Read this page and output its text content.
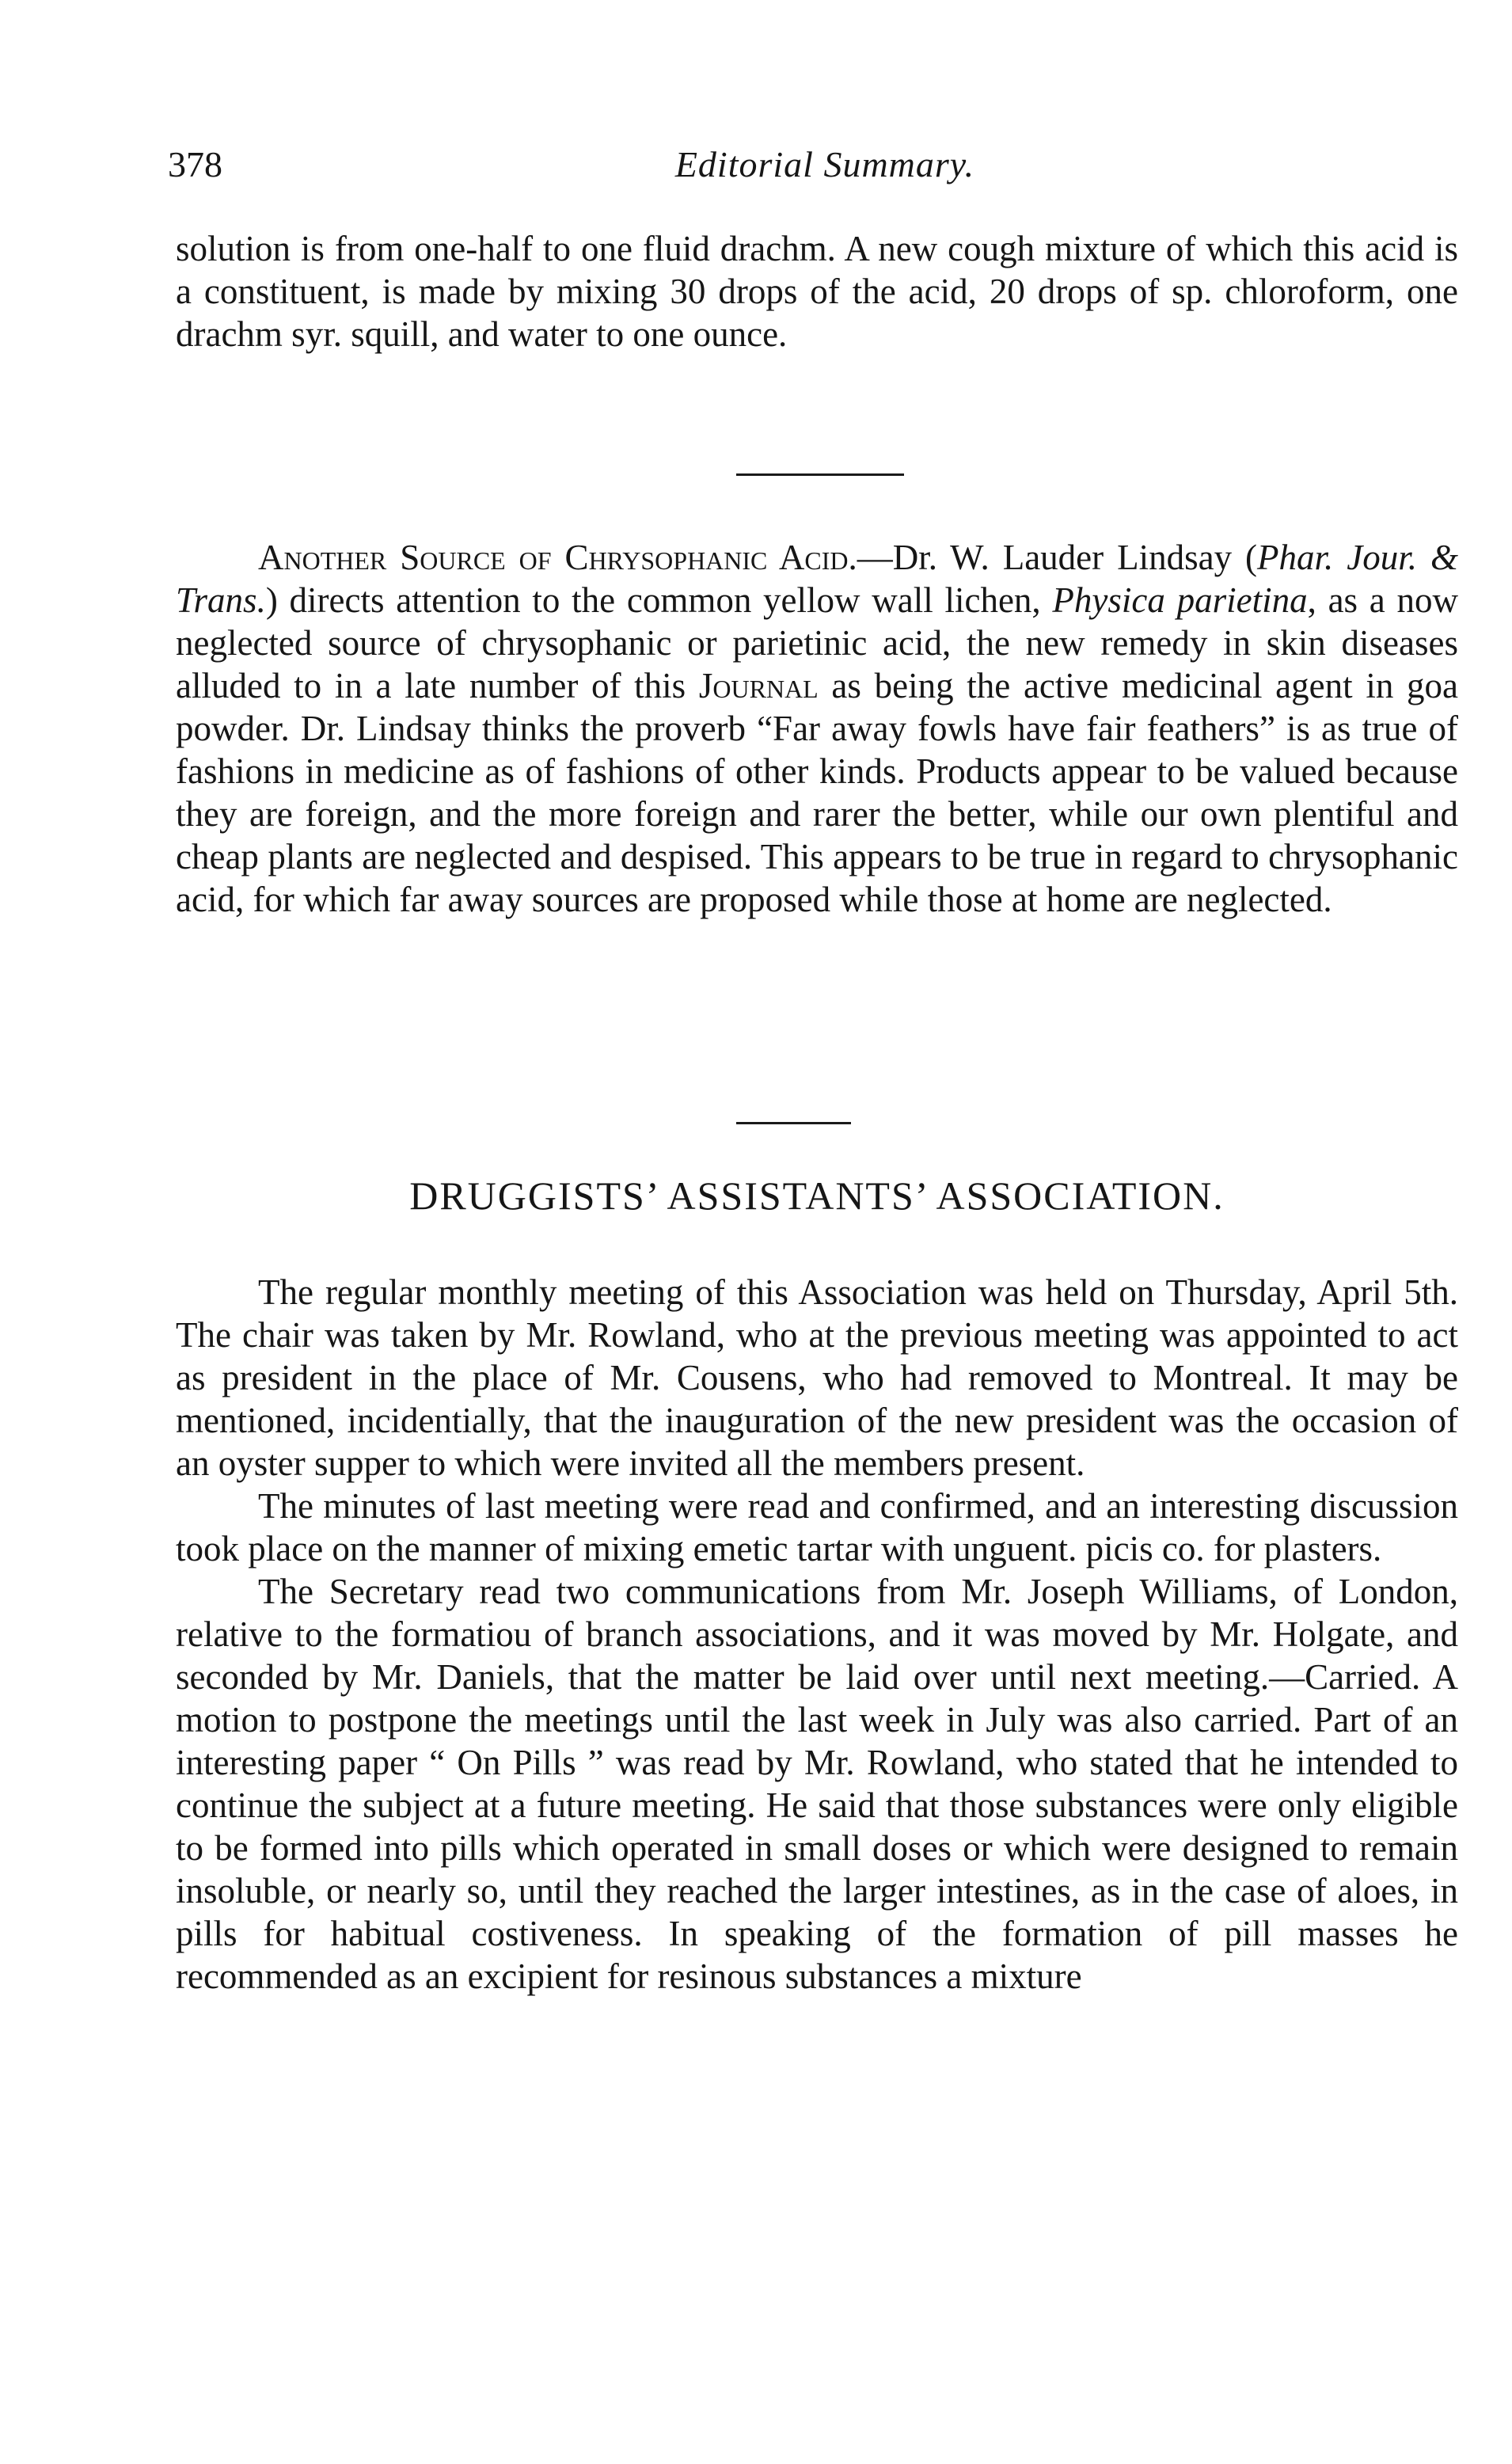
378	Editorial Summary.

solution is from one-half to one fluid drachm. A new cough mixture of which this acid is a constituent, is made by mixing 30 drops of the acid, 20 drops of sp. chloroform, one drachm syr. squill, and water to one ounce.

Another Source of Chrysophanic Acid.—Dr. W. Lauder Lindsay (Phar. Jour. & Trans.) directs attention to the common yellow wall lichen, Physica parietina, as a now neglected source of chrysophanic or parietinic acid, the new remedy in skin diseases alluded to in a late number of this Journal as being the active medicinal agent in goa powder. Dr. Lindsay thinks the proverb “Far away fowls have fair feathers” is as true of fashions in medicine as of fashions of other kinds. Products appear to be valued because they are foreign, and the more foreign and rarer the better, while our own plentiful and cheap plants are neglected and despised. This appears to be true in regard to chrysophanic acid, for which far away sources are proposed while those at home are neglected.

DRUGGISTS’ ASSISTANTS’ ASSOCIATION.

The regular monthly meeting of this Association was held on Thursday, April 5th. The chair was taken by Mr. Rowland, who at the previous meeting was appointed to act as president in the place of Mr. Cousens, who had removed to Montreal. It may be mentioned, incidentially, that the inauguration of the new president was the occasion of an oyster supper to which were invited all the members present.

The minutes of last meeting were read and confirmed, and an interesting discussion took place on the manner of mixing emetic tartar with unguent. picis co. for plasters.

The Secretary read two communications from Mr. Joseph Williams, of London, relative to the formatiou of branch associations, and it was moved by Mr. Holgate, and seconded by Mr. Daniels, that the matter be laid over until next meeting.—Carried. A motion to postpone the meetings until the last week in July was also carried. Part of an interesting paper “ On Pills ” was read by Mr. Rowland, who stated that he intended to continue the subject at a future meeting. He said that those substances were only eligible to be formed into pills which operated in small doses or which were designed to remain insoluble, or nearly so, until they reached the larger intestines, as in the case of aloes, in pills for habitual costiveness. In speaking of the formation of pill masses he recommended as an excipient for resinous substances a mixture
